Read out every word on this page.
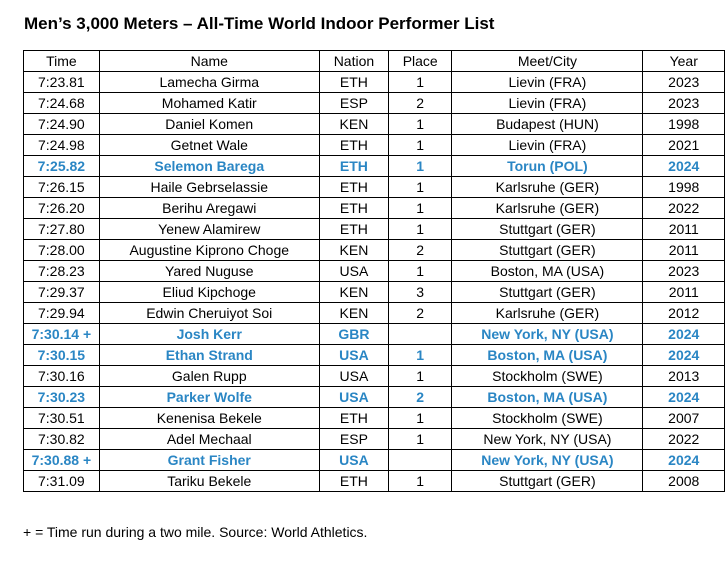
Men’s 3,000 Meters – All-Time World Indoor Performer List
Time	Name	Nation	Place	Meet/City	Year
7:23.81	Lamecha Girma	ETH	1	Lievin (FRA)	2023
7:24.68	Mohamed Katir	ESP	2	Lievin (FRA)	2023
7:24.90	Daniel Komen	KEN	1	Budapest (HUN)	1998
7:24.98	Getnet Wale	ETH	1	Lievin (FRA)	2021
7:25.82	Selemon Barega	ETH	1	Torun (POL)	2024
7:26.15	Haile Gebrselassie	ETH	1	Karlsruhe (GER)	1998
7:26.20	Berihu Aregawi	ETH	1	Karlsruhe (GER)	2022
7:27.80	Yenew Alamirew	ETH	1	Stuttgart (GER)	2011
7:28.00	Augustine Kiprono Choge	KEN	2	Stuttgart (GER)	2011
7:28.23	Yared Nuguse	USA	1	Boston, MA (USA)	2023
7:29.37	Eliud Kipchoge	KEN	3	Stuttgart (GER)	2011
7:29.94	Edwin Cheruiyot Soi	KEN	2	Karlsruhe (GER)	2012
7:30.14 +	Josh Kerr	GBR		New York, NY (USA)	2024
7:30.15	Ethan Strand	USA	1	Boston, MA (USA)	2024
7:30.16	Galen Rupp	USA	1	Stockholm (SWE)	2013
7:30.23	Parker Wolfe	USA	2	Boston, MA (USA)	2024
7:30.51	Kenenisa Bekele	ETH	1	Stockholm (SWE)	2007
7:30.82	Adel Mechaal	ESP	1	New York, NY (USA)	2022
7:30.88 +	Grant Fisher	USA		New York, NY (USA)	2024
7:31.09	Tariku Bekele	ETH	1	Stuttgart (GER)	2008
+ = Time run during a two mile. Source: World Athletics.
